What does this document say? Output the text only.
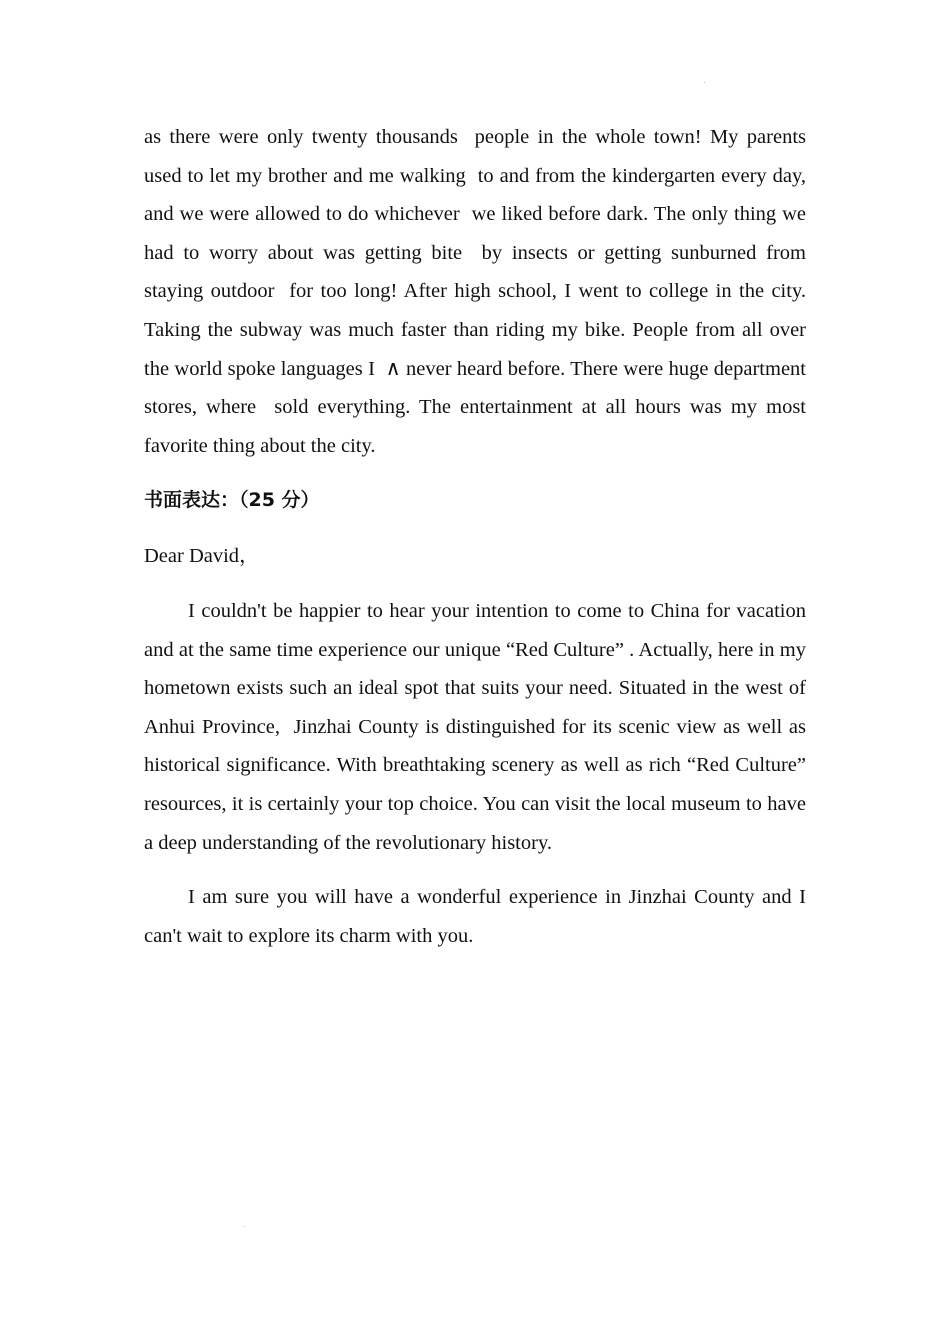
as there were only twenty thousands  people in the whole town! My parents used to let my brother and me walking  to and from the kindergarten every day, and we were allowed to do whichever  we liked before dark. The only thing we had to worry about was getting bite  by insects or getting sunburned from staying outdoor  for too long! After high school, I went to college in the city. Taking the subway was much faster than riding my bike. People from all over the world spoke languages I  ∧ never heard before. There were huge department stores, where  sold everything. The entertainment at all hours was my most favorite thing about the city.

书面表达：（25 分）

Dear David，

I couldn't be happier to hear your intention to come to China for vacation and at the same time experience our unique “Red Culture” . Actually, here in my hometown exists such an ideal spot that suits your need. Situated in the west of Anhui Province,  Jinzhai County is distinguished for its scenic view as well as historical significance. With breathtaking scenery as well as rich “Red Culture” resources, it is certainly your top choice. You can visit the local museum to have a deep understanding of the revolutionary history.

I am sure you will have a wonderful experience in Jinzhai County and I can't wait to explore its charm with you.
